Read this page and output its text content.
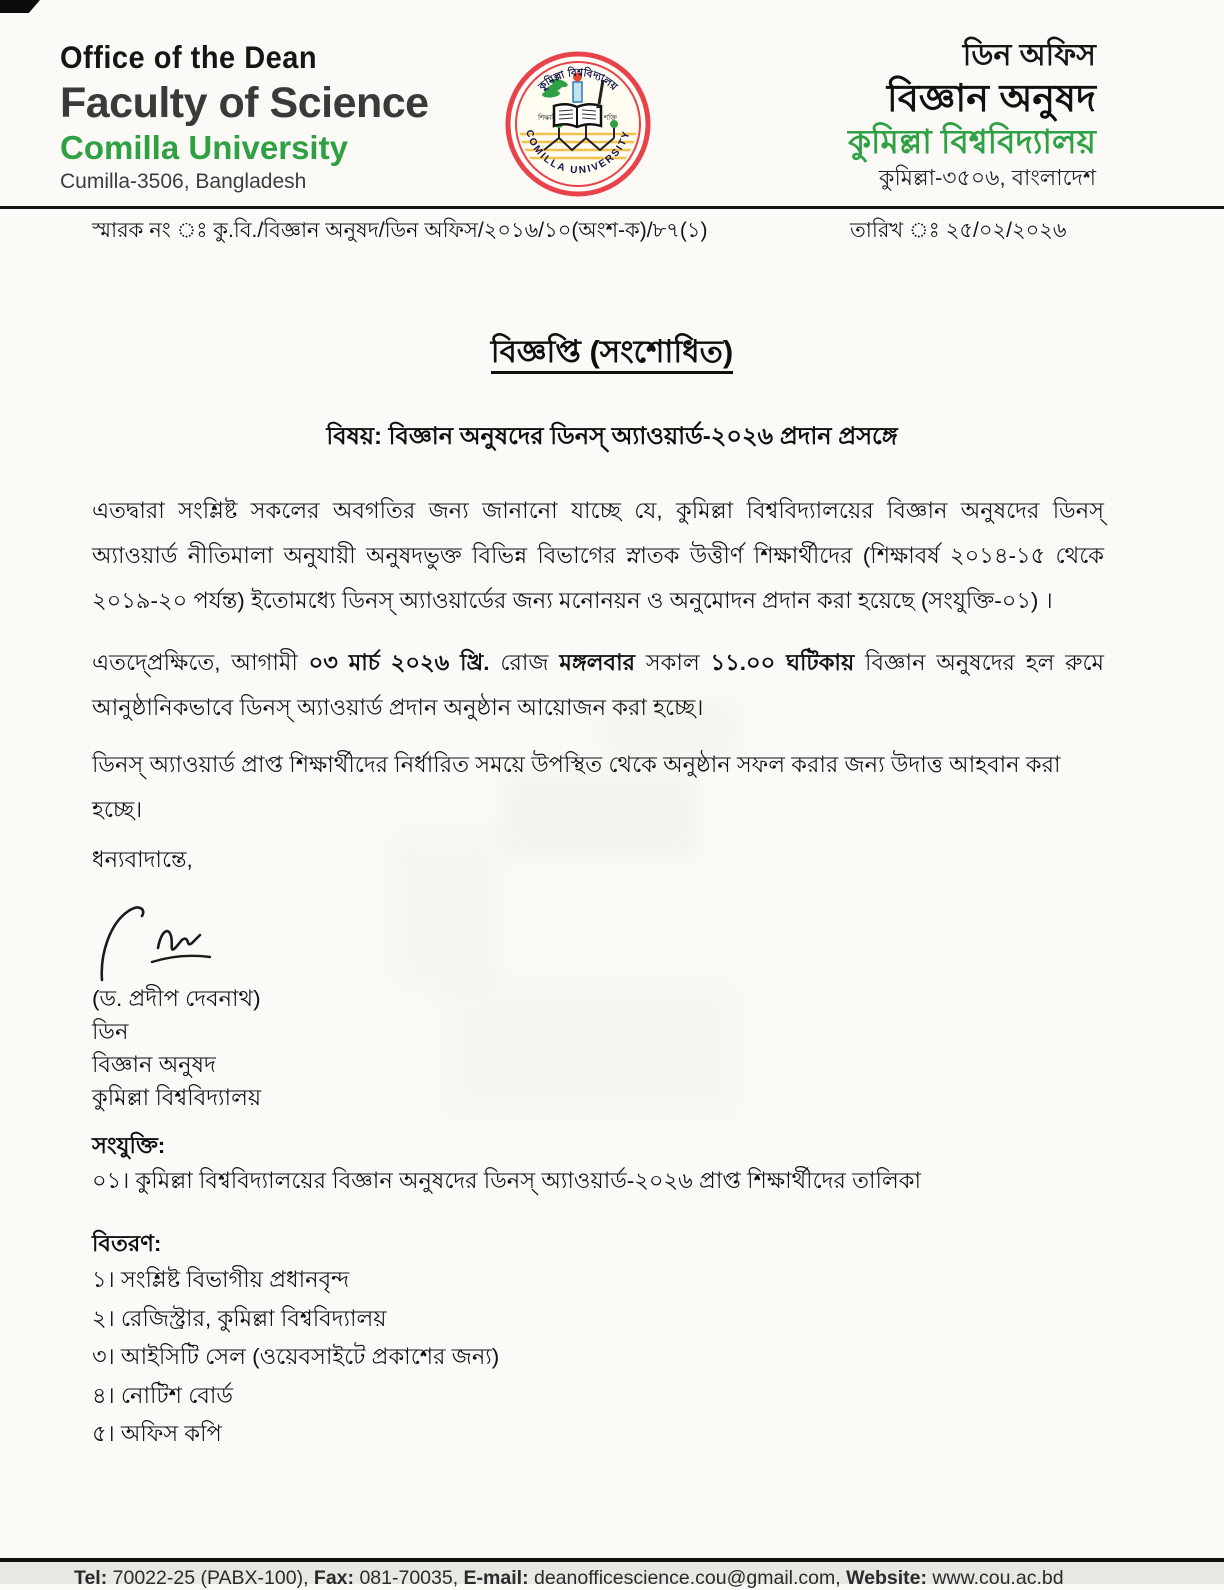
Office of the Dean
Faculty of Science
Comilla University
Cumilla-3506, Bangladesh
কুমিল্লা বিশ্ববিদ্যালয়
COMILLA UNIVERSITY
শিক্ষাই	শক্তি
ডিন অফিস
বিজ্ঞান অনুষদ
কুমিল্লা বিশ্ববিদ্যালয়
কুমিল্লা-৩৫০৬, বাংলাদেশ
স্মারক নং ঃ কু.বি./বিজ্ঞান অনুষদ/ডিন অফিস/২০১৬/১০(অংশ-ক)/৮৭(১)	তারিখ ঃ ২৫/০২/২০২৬
বিজ্ঞপ্তি (সংশোধিত)
বিষয়: বিজ্ঞান অনুষদের ডিনস্ অ্যাওয়ার্ড-২০২৬ প্রদান প্রসঙ্গে
এতদ্বারা সংশ্লিষ্ট সকলের অবগতির জন্য জানানো যাচ্ছে যে, কুমিল্লা বিশ্ববিদ্যালয়ের বিজ্ঞান অনুষদের ডিনস্ অ্যাওয়ার্ড নীতিমালা অনুযায়ী অনুষদভুক্ত বিভিন্ন বিভাগের স্নাতক উত্তীর্ণ শিক্ষার্থীদের (শিক্ষাবর্ষ ২০১৪-১৫ থেকে ২০১৯-২০ পর্যন্ত) ইতোমধ্যে ডিনস্ অ্যাওয়ার্ডের জন্য মনোনয়ন ও অনুমোদন প্রদান করা হয়েছে (সংযুক্তি-০১) ।
এতদ্প্রেক্ষিতে, আগামী ০৩ মার্চ ২০২৬ খ্রি. রোজ মঙ্গলবার সকাল ১১.০০ ঘটিকায় বিজ্ঞান অনুষদের হল রুমে আনুষ্ঠানিকভাবে ডিনস্ অ্যাওয়ার্ড প্রদান অনুষ্ঠান আয়োজন করা হচ্ছে।
ডিনস্ অ্যাওয়ার্ড প্রাপ্ত শিক্ষার্থীদের নির্ধারিত সময়ে উপস্থিত থেকে অনুষ্ঠান সফল করার জন্য উদাত্ত আহবান করা হচ্ছে।
ধন্যবাদান্তে,
(ড. প্রদীপ দেবনাথ)
ডিন
বিজ্ঞান অনুষদ
কুমিল্লা বিশ্ববিদ্যালয়
সংযুক্তি:
০১। কুমিল্লা বিশ্ববিদ্যালয়ের বিজ্ঞান অনুষদের ডিনস্ অ্যাওয়ার্ড-২০২৬ প্রাপ্ত শিক্ষার্থীদের তালিকা
বিতরণ:
১। সংশ্লিষ্ট বিভাগীয় প্রধানবৃন্দ
২। রেজিস্ট্রার, কুমিল্লা বিশ্ববিদ্যালয়
৩। আইসিটি সেল (ওয়েবসাইটে প্রকাশের জন্য)
৪। নোটিশ বোর্ড
৫। অফিস কপি
Tel: 70022-25 (PABX-100), Fax: 081-70035, E-mail: deanofficescience.cou@gmail.com, Website: www.cou.ac.bd
